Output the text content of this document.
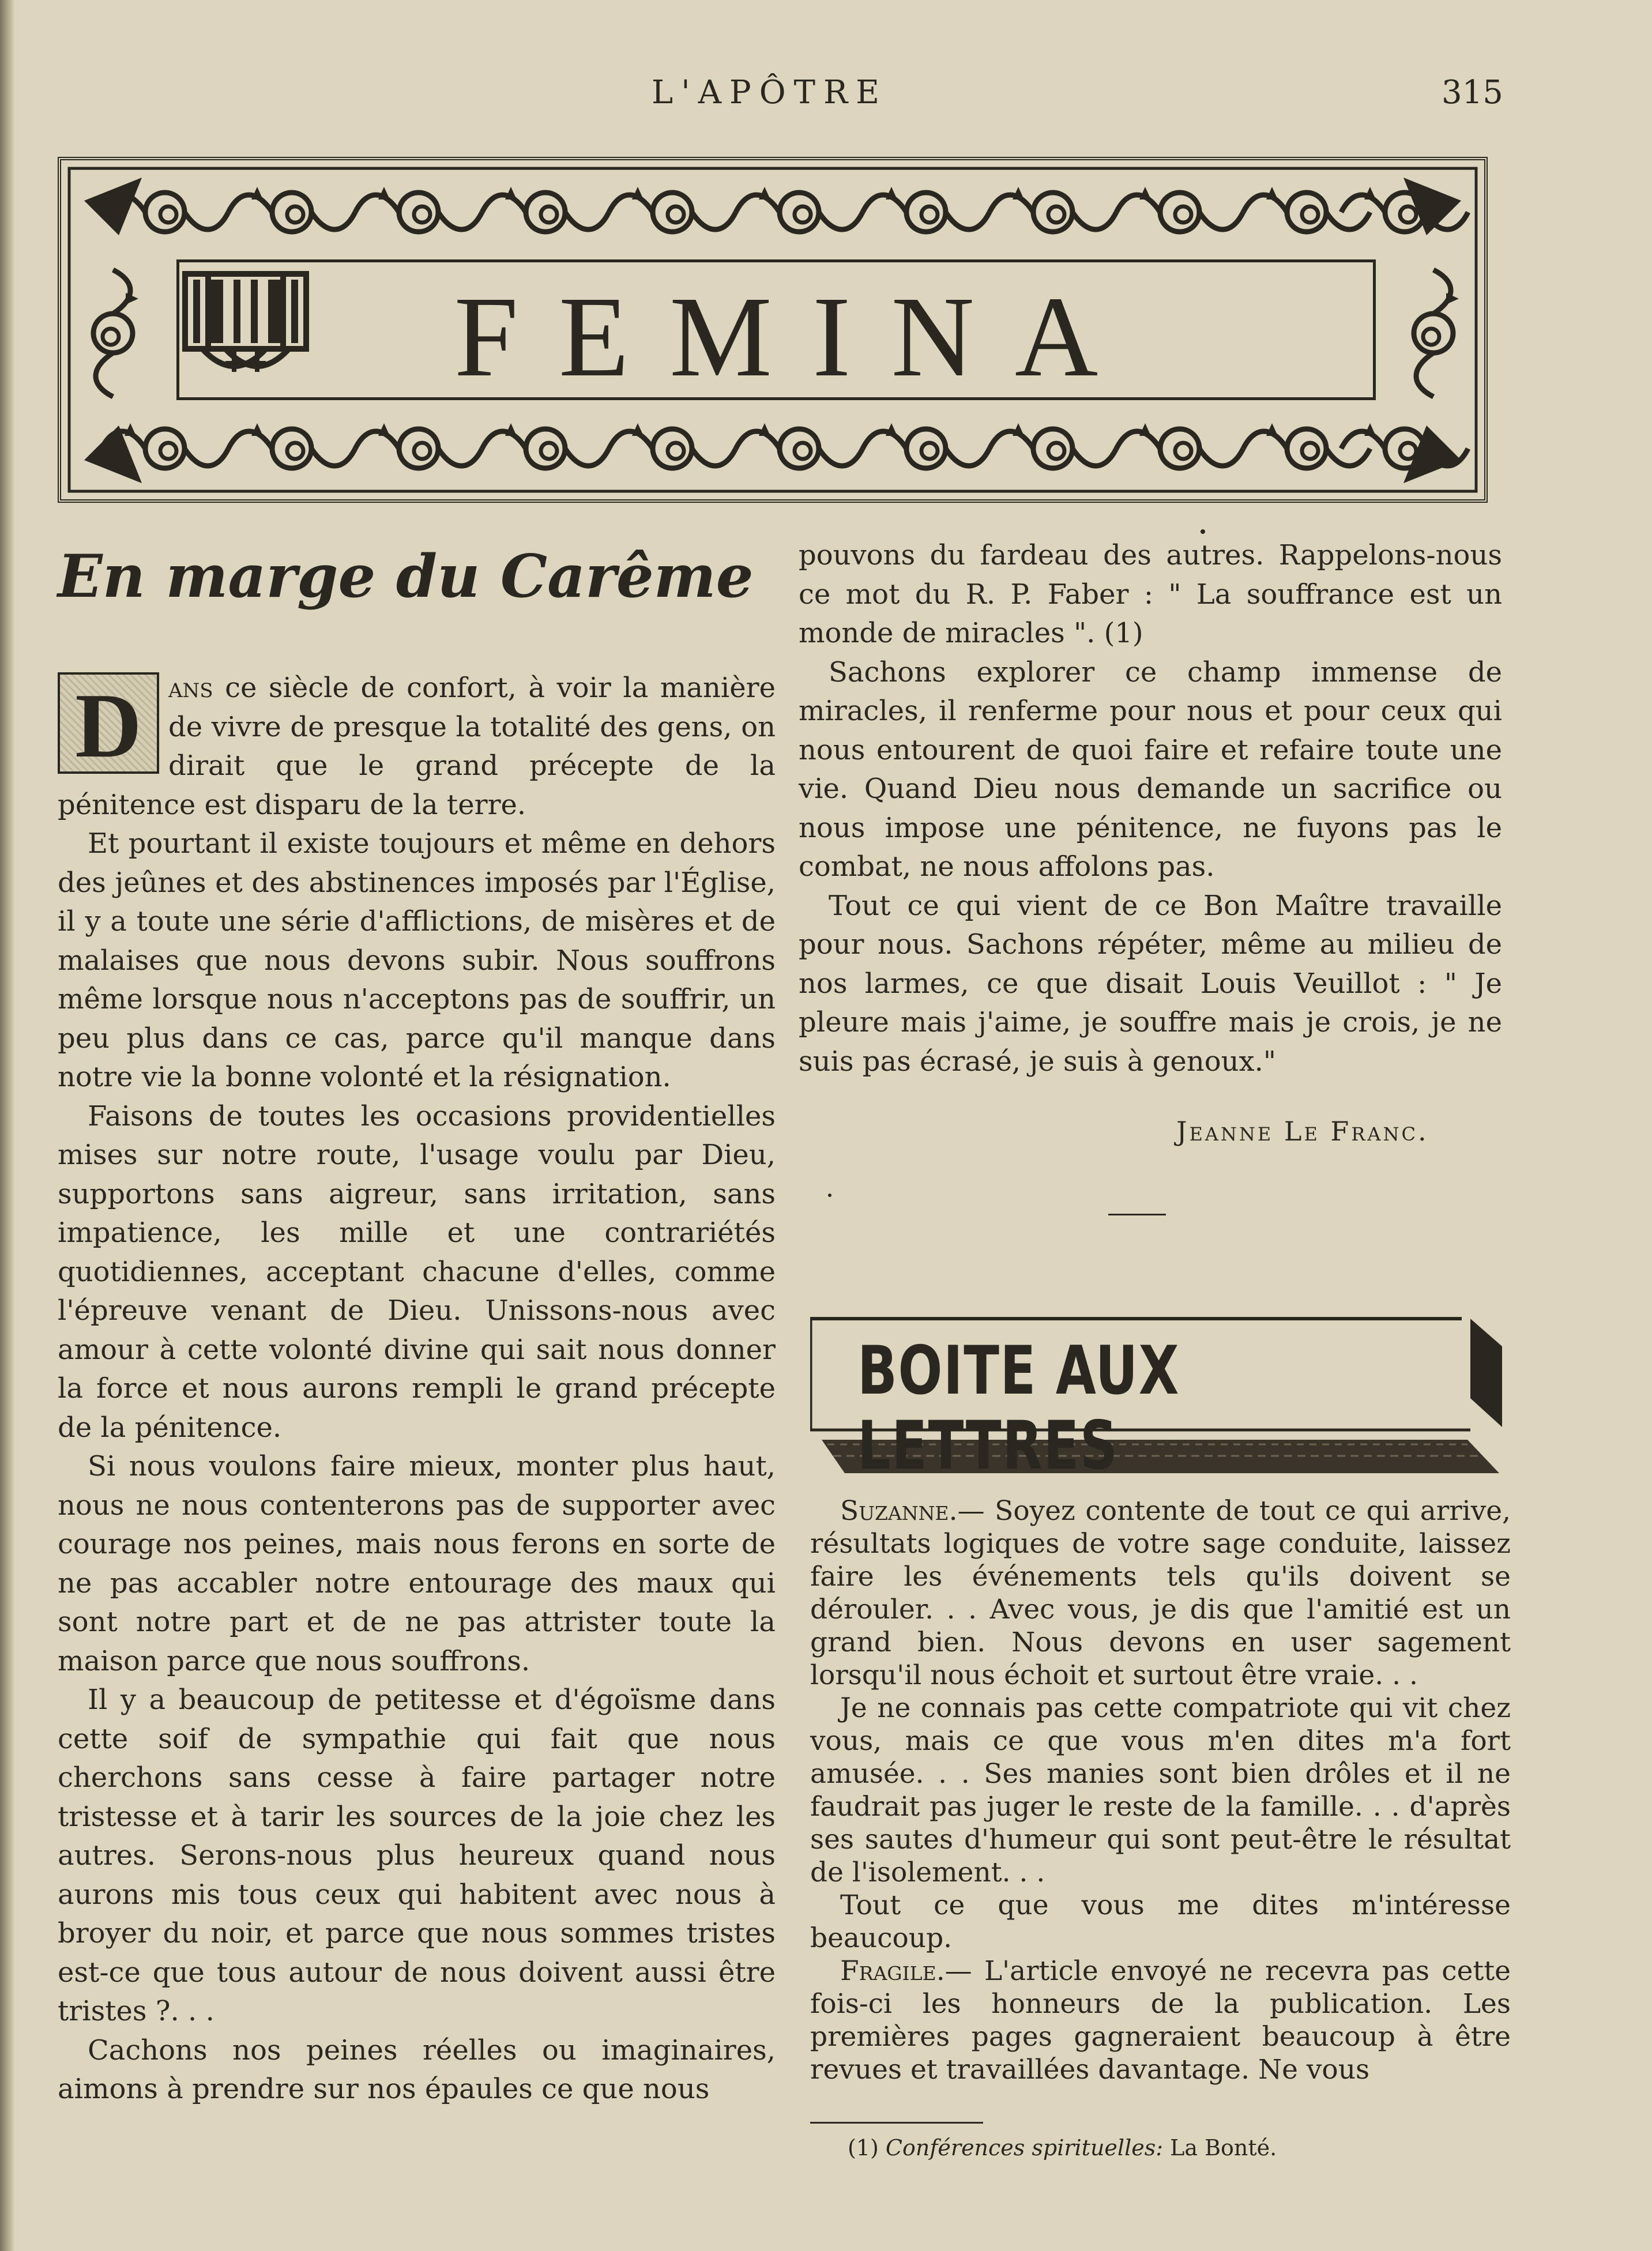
L'APÔTRE	315
FEMINA
En marge du Carême

D ans ce siècle de confort, à voir la manière de vivre de presque la totalité des gens, on dirait que le grand précepte de la pénitence est disparu de la terre.

Et pourtant il existe toujours et même en dehors des jeûnes et des abstinences imposés par l'Église, il y a toute une série d'afflictions, de misères et de malaises que nous devons subir. Nous souffrons même lorsque nous n'acceptons pas de souffrir, un peu plus dans ce cas, parce qu'il manque dans notre vie la bonne volonté et la résignation.

Faisons de toutes les occasions providentielles mises sur notre route, l'usage voulu par Dieu, supportons sans aigreur, sans irritation, sans impatience, les mille et une contrariétés quotidiennes, acceptant chacune d'elles, comme l'épreuve venant de Dieu. Unissons-nous avec amour à cette volonté divine qui sait nous donner la force et nous aurons rempli le grand précepte de la pénitence.

Si nous voulons faire mieux, monter plus haut, nous ne nous contenterons pas de supporter avec courage nos peines, mais nous ferons en sorte de ne pas accabler notre entourage des maux qui sont notre part et de ne pas attrister toute la maison parce que nous souffrons.

Il y a beaucoup de petitesse et d'égoïsme dans cette soif de sympathie qui fait que nous cherchons sans cesse à faire partager notre tristesse et à tarir les sources de la joie chez les autres. Serons-nous plus heureux quand nous aurons mis tous ceux qui habitent avec nous à broyer du noir, et parce que nous sommes tristes est-ce que tous autour de nous doivent aussi être tristes ?. . .

Cachons nos peines réelles ou imaginaires, aimons à prendre sur nos épaules ce que nous

pouvons du fardeau des autres. Rappelons-nous ce mot du R. P. Faber : " La souffrance est un monde de miracles ". (1)

Sachons explorer ce champ immense de miracles, il renferme pour nous et pour ceux qui nous entourent de quoi faire et refaire toute une vie. Quand Dieu nous demande un sacrifice ou nous impose une pénitence, ne fuyons pas le combat, ne nous affolons pas.

Tout ce qui vient de ce Bon Maître travaille pour nous. Sachons répéter, même au milieu de nos larmes, ce que disait Louis Veuillot : " Je pleure mais j'aime, je souffre mais je crois, je ne suis pas écrasé, je suis à genoux."

Jeanne Le Franc.
BOITE AUX LETTRES

Suzanne.— Soyez contente de tout ce qui arrive, résultats logiques de votre sage conduite, laissez faire les événements tels qu'ils doivent se dérouler. . . Avec vous, je dis que l'amitié est un grand bien. Nous devons en user sagement lorsqu'il nous échoit et surtout être vraie. . .

Je ne connais pas cette compatriote qui vit chez vous, mais ce que vous m'en dites m'a fort amusée. . . Ses manies sont bien drôles et il ne faudrait pas juger le reste de la famille. . . d'après ses sautes d'humeur qui sont peut-être le résultat de l'isolement. . .

Tout ce que vous me dites m'intéresse beaucoup.

Fragile.— L'article envoyé ne recevra pas cette fois-ci les honneurs de la publication. Les premières pages gagneraient beaucoup à être revues et travaillées davantage. Ne vous

(1) Conférences spirituelles: La Bonté.
